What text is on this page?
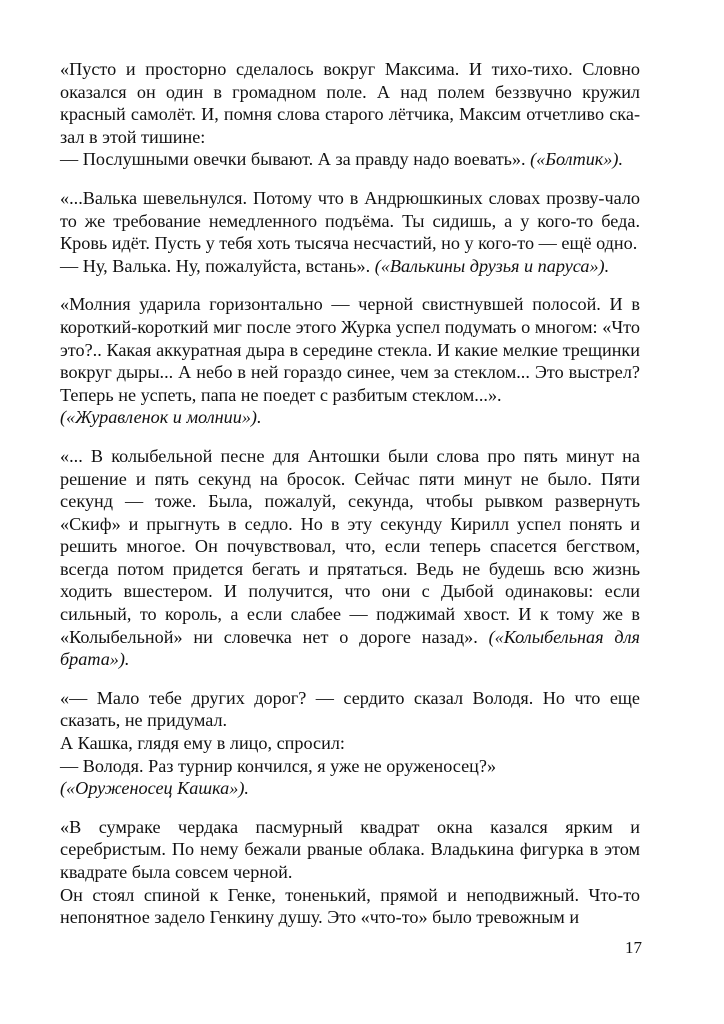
«Пусто и просторно сделалось вокруг Максима. И тихо-тихо. Словно оказался он один в громадном поле. А над полем беззвучно кружил красный самолёт. И, помня слова старого лётчика, Максим отчетливо ска-зал в этой тишине:

— Послушными овечки бывают. А за правду надо воевать». («Болтик»).

«...Валька шевельнулся. Потому что в Андрюшкиных словах прозву-чало то же требование немедленного подъёма. Ты сидишь, а у кого-то беда. Кровь идёт. Пусть у тебя хоть тысяча несчастий, но у кого-то — ещё одно.

— Ну, Валька. Ну, пожалуйста, встань». («Валькины друзья и паруса»).

«Молния ударила горизонтально — черной свистнувшей полосой. И в короткий-короткий миг после этого Журка успел подумать о многом: «Что это?.. Какая аккуратная дыра в середине стекла. И какие мелкие трещинки вокруг дыры... А небо в ней гораздо синее, чем за стеклом... Это выстрел? Теперь не успеть, папа не поедет с разбитым стеклом...».

(«Журавленок и молнии»).

«... В колыбельной песне для Антошки были слова про пять минут на решение и пять секунд на бросок. Сейчас пяти минут не было. Пяти секунд — тоже. Была, пожалуй, секунда, чтобы рывком развернуть «Скиф» и прыгнуть в седло. Но в эту секунду Кирилл успел понять и решить многое. Он почувствовал, что, если теперь спасется бегством, всегда потом придется бегать и прятаться. Ведь не будешь всю жизнь ходить вшестером. И получится, что они с Дыбой одинаковы: если сильный, то король, а если слабее — поджимай хвост. И к тому же в «Колыбельной» ни словечка нет о дороге назад». («Колыбельная для брата»).

«— Мало тебе других дорог? — сердито сказал Володя. Но что еще сказать, не придумал.

А Кашка, глядя ему в лицо, спросил:

— Володя. Раз турнир кончился, я уже не оруженосец?»

(«Оруженосец Кашка»).

«В сумраке чердака пасмурный квадрат окна казался ярким и серебристым. По нему бежали рваные облака. Владькина фигурка в этом квадрате была совсем черной.

Он стоял спиной к Генке, тоненький, прямой и неподвижный. Что-то непонятное задело Генкину душу. Это «что-то» было тревожным и

17
